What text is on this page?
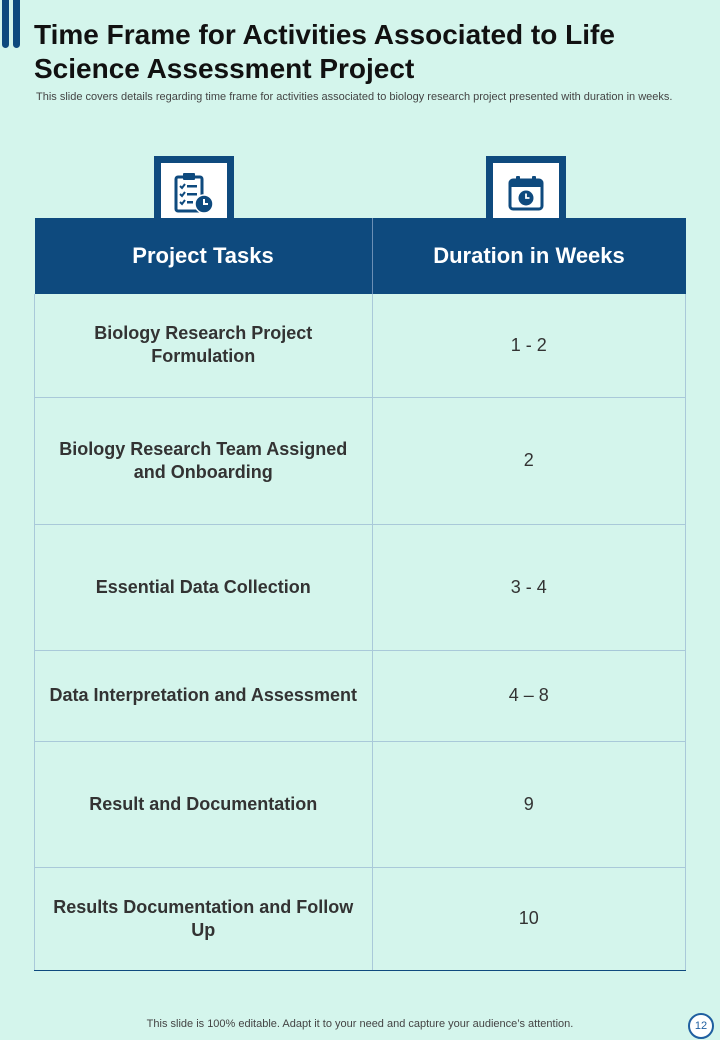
Time Frame for Activities Associated to Life Science Assessment Project

This slide covers details regarding time frame for activities associated to biology research project presented with duration in weeks.

Project Tasks	Duration in Weeks
Biology Research Project Formulation	1 - 2
Biology Research Team Assigned and Onboarding	2
Essential Data Collection	3 - 4
Data Interpretation and Assessment	4 – 8
Result and Documentation	9
Results Documentation and Follow Up	10
This slide is 100% editable. Adapt it to your need and capture your audience’s attention.	12
